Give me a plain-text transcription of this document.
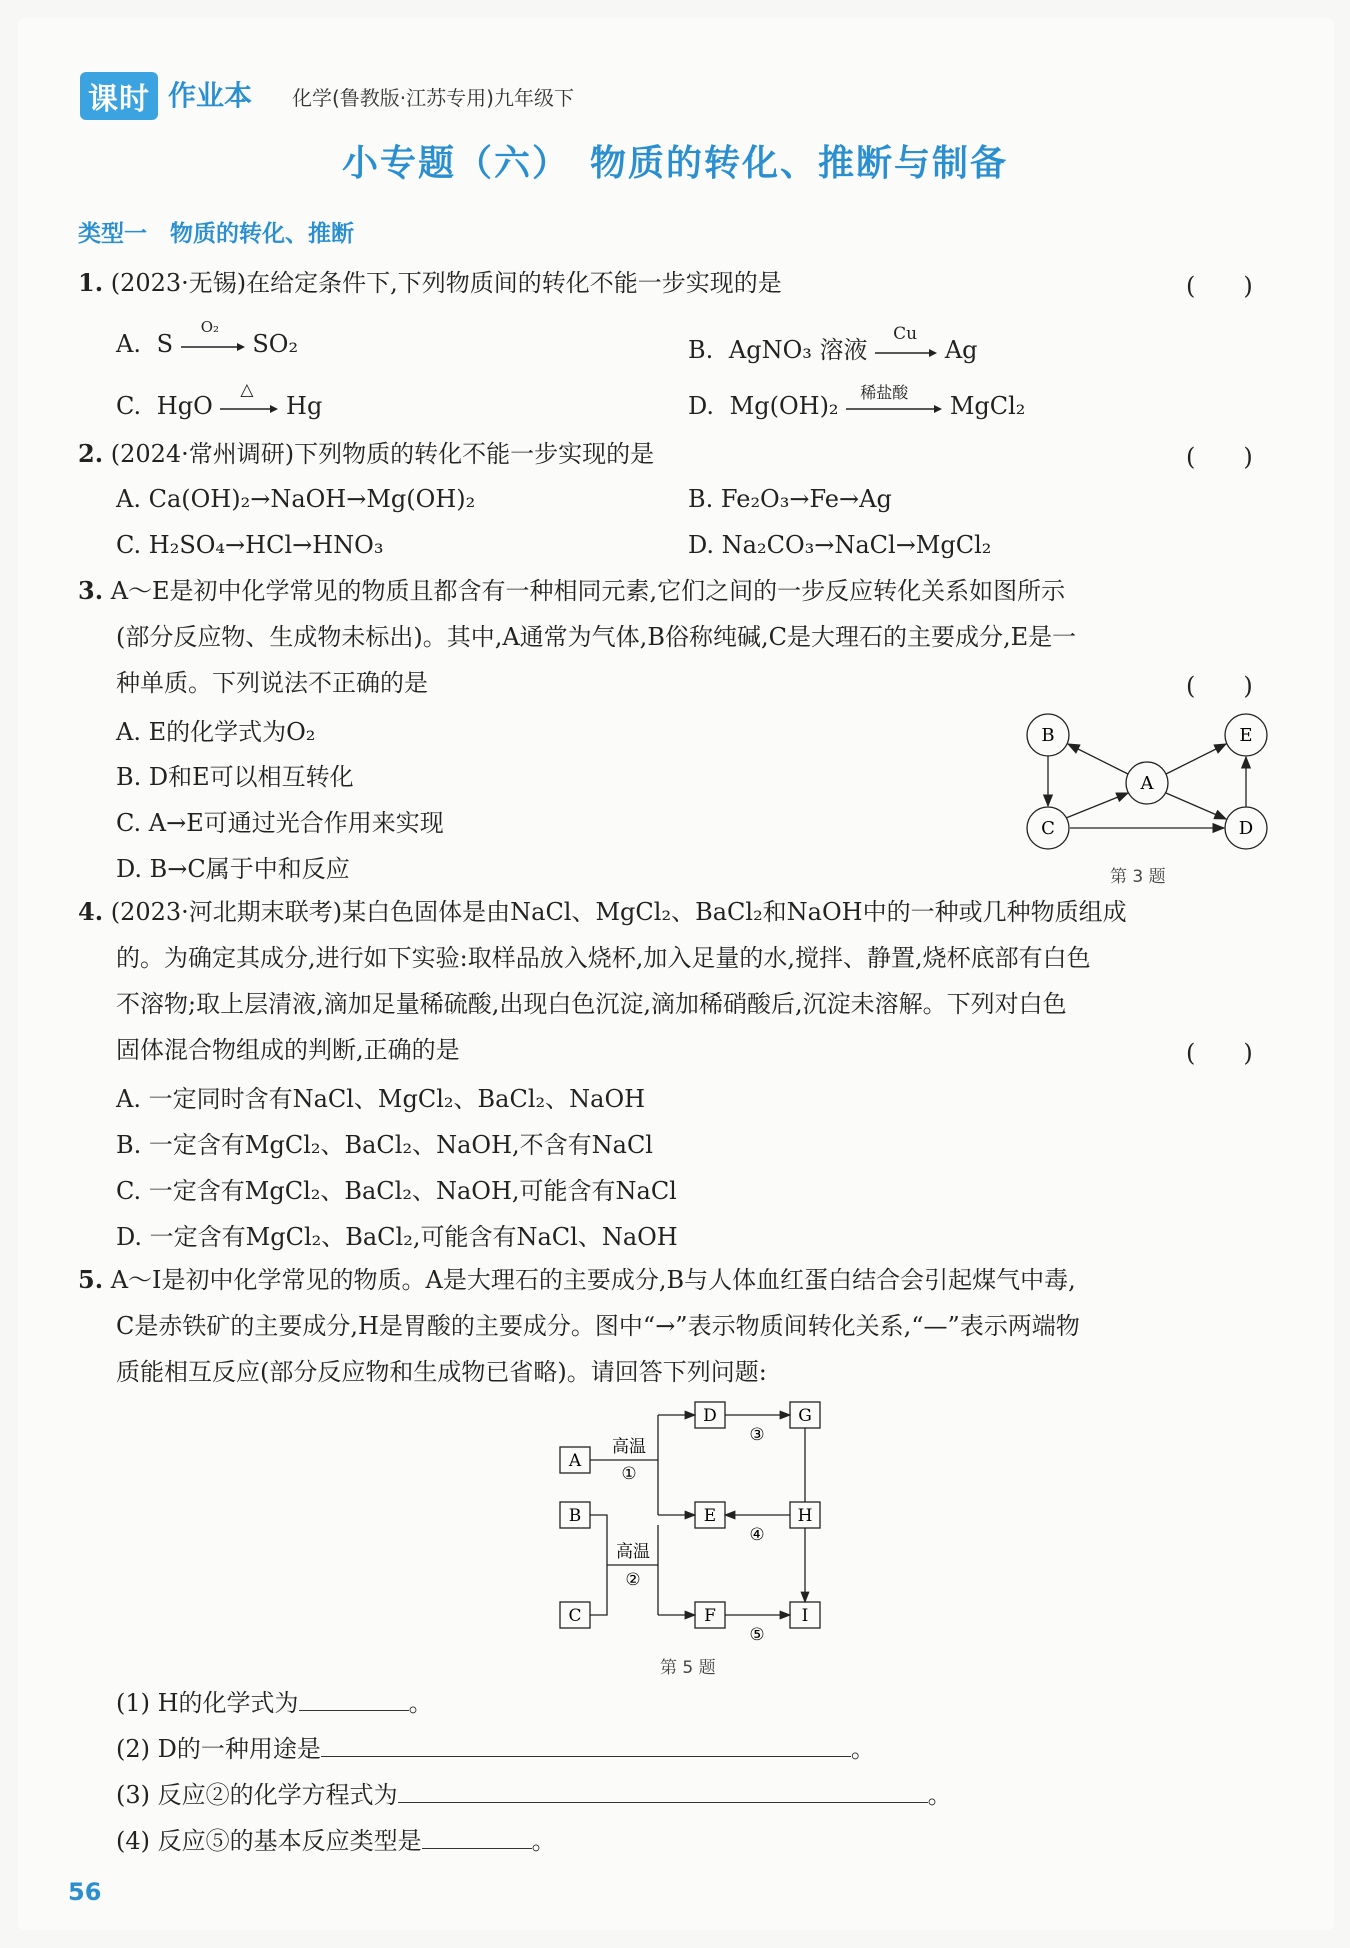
课时 作业本 化学(鲁教版·江苏专用)九年级下
小专题（六）　物质的转化、推断与制备
类型一　物质的转化、推断
1. (2023·无锡)在给定条件下,下列物质间的转化不能一步实现的是	(　　)
A. S
O₂
SO₂	B. AgNO₃ 溶液
Cu
Ag
C. HgO
△
Hg	D. Mg(OH)₂ 稀盐酸 MgCl₂
2. (2024·常州调研)下列物质的转化不能一步实现的是	(　　)
A. Ca(OH)₂→NaOH→Mg(OH)₂	B. Fe₂O₃→Fe→Ag
C. H₂SO₄→HCl→HNO₃	D. Na₂CO₃→NaCl→MgCl₂
3. A～E是初中化学常见的物质且都含有一种相同元素,它们之间的一步反应转化关系如图所示
(部分反应物、生成物未标出)。其中,A通常为气体,B俗称纯碱,C是大理石的主要成分,E是一
种单质。下列说法不正确的是	(　　)
A. E的化学式为O₂
B. D和E可以相互转化
C. A→E可通过光合作用来实现
D. B→C属于中和反应
B	E
A
C	D
第 3 题
4. (2023·河北期末联考)某白色固体是由NaCl、MgCl₂、BaCl₂和NaOH中的一种或几种物质组成
的。为确定其成分,进行如下实验:取样品放入烧杯,加入足量的水,搅拌、静置,烧杯底部有白色
不溶物;取上层清液,滴加足量稀硫酸,出现白色沉淀,滴加稀硝酸后,沉淀未溶解。下列对白色
固体混合物组成的判断,正确的是	(　　)
A. 一定同时含有NaCl、MgCl₂、BaCl₂、NaOH
B. 一定含有MgCl₂、BaCl₂、NaOH,不含有NaCl
C. 一定含有MgCl₂、BaCl₂、NaOH,可能含有NaCl
D. 一定含有MgCl₂、BaCl₂,可能含有NaCl、NaOH
5. A～I是初中化学常见的物质。A是大理石的主要成分,B与人体血红蛋白结合会引起煤气中毒,
C是赤铁矿的主要成分,H是胃酸的主要成分。图中“→”表示物质间转化关系,“—”表示两端物
质能相互反应(部分反应物和生成物已省略)。请回答下列问题:
A
B
C
D
E
F
G
H
I
高温
①
高温
②
③
④
⑤
第 5 题
(1) H的化学式为	。
(2) D的一种用途是	。
(3) 反应②的化学方程式为	。
(4) 反应⑤的基本反应类型是	。
56
